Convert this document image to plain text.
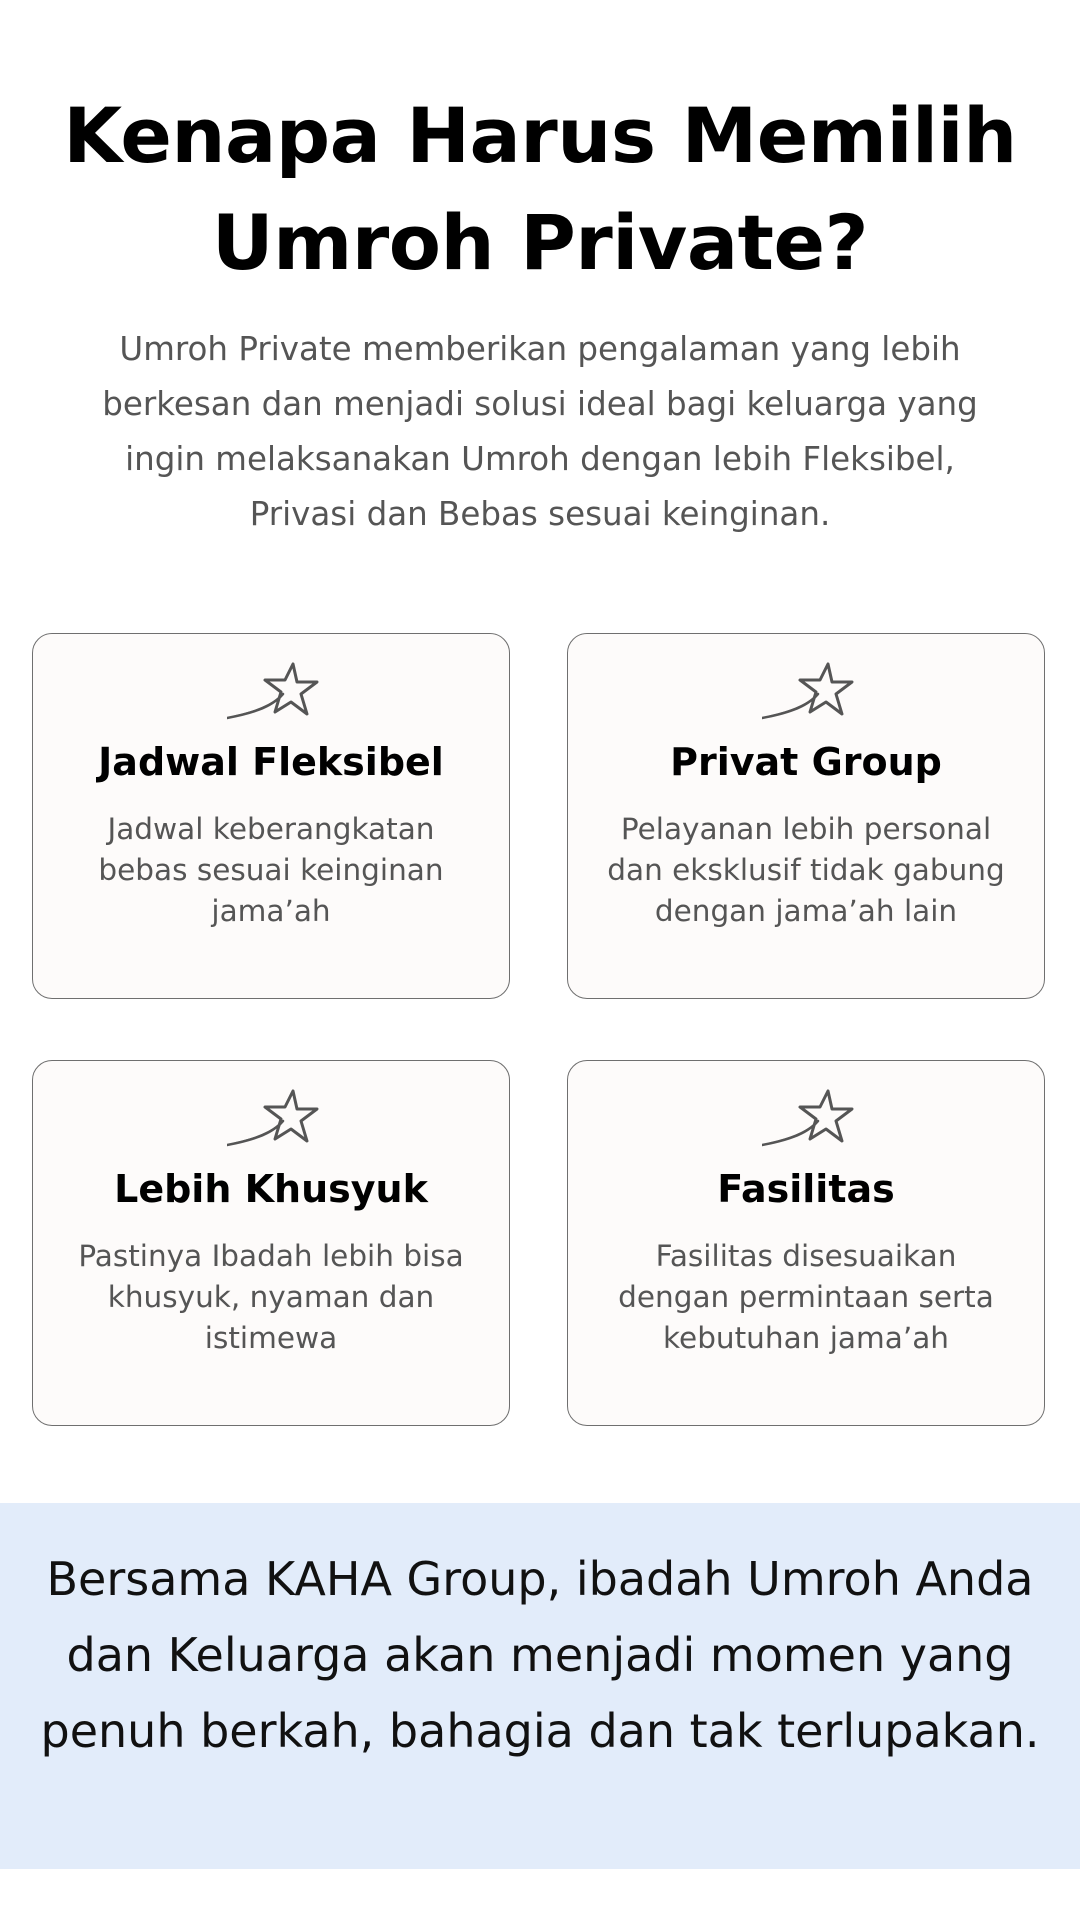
Kenapa Harus Memilih Umroh Private?

Umroh Private memberikan pengalaman yang lebih berkesan dan menjadi solusi ideal bagi keluarga yang ingin melaksanakan Umroh dengan lebih Fleksibel, Privasi dan Bebas sesuai keinginan.

Jadwal Fleksibel

Jadwal keberangkatan bebas sesuai keinginan jama’ah

Privat Group

Pelayanan lebih personal dan eksklusif tidak gabung dengan jama’ah lain

Lebih Khusyuk

Pastinya Ibadah lebih bisa khusyuk, nyaman dan istimewa

Fasilitas

Fasilitas disesuaikan dengan permintaan serta kebutuhan jama’ah

Bersama KAHA Group, ibadah Umroh Anda dan Keluarga akan menjadi momen yang penuh berkah, bahagia dan tak terlupakan.
